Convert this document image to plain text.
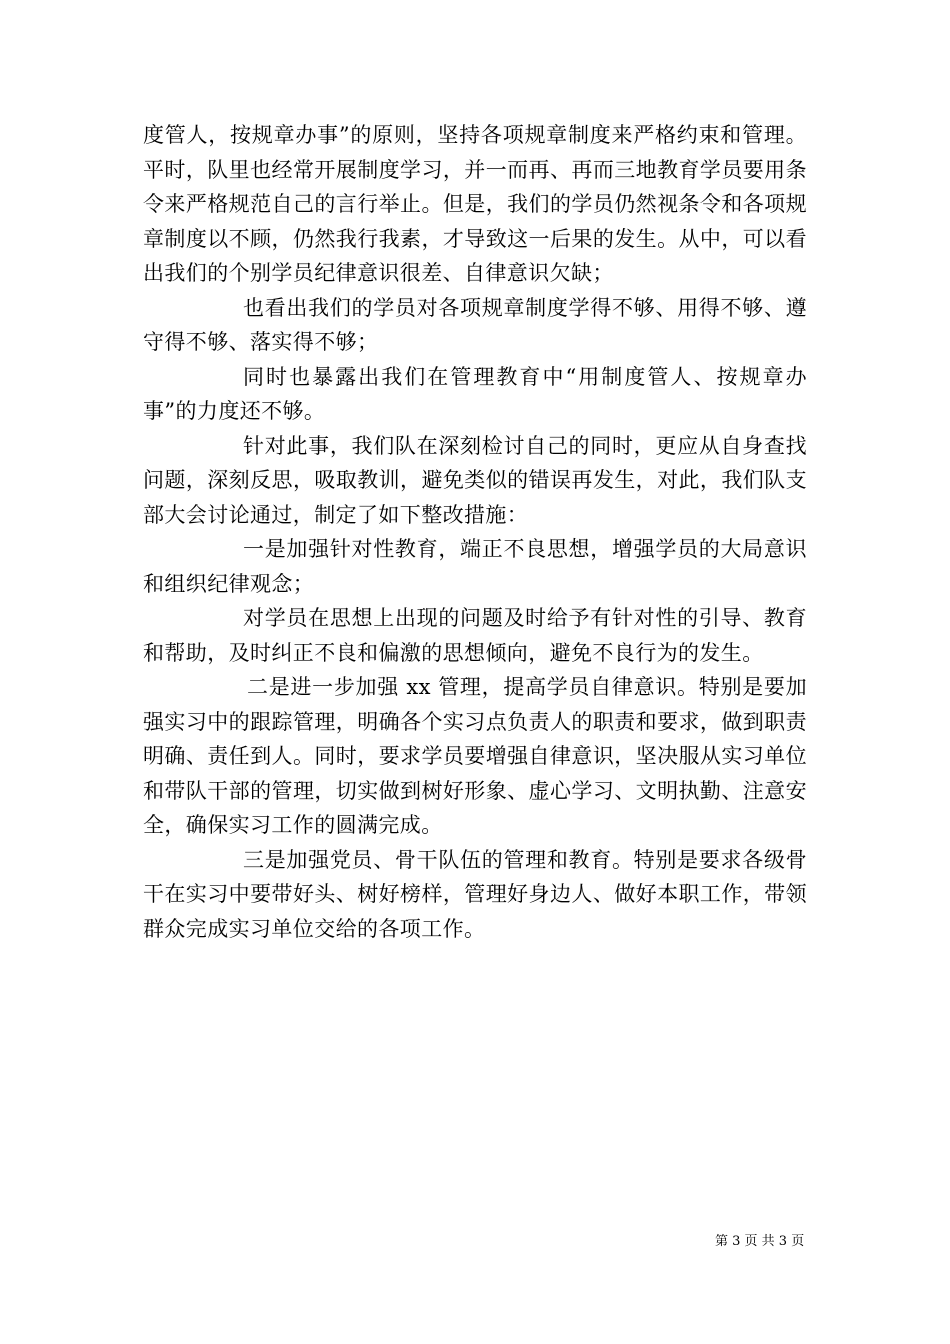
度管人，按规章办事”的原则，坚持各项规章制度来严格约束和管理。平时，队里也经常开展制度学习，并一而再、再而三地教育学员要用条令来严格规范自己的言行举止。但是，我们的学员仍然视条令和各项规章制度以不顾，仍然我行我素，才导致这一后果的发生。从中，可以看出我们的个别学员纪律意识很差、自律意识欠缺；

也看出我们的学员对各项规章制度学得不够、用得不够、遵守得不够、落实得不够；

同时也暴露出我们在管理教育中“用制度管人、按规章办事”的力度还不够。

针对此事，我们队在深刻检讨自己的同时，更应从自身查找问题，深刻反思，吸取教训，避免类似的错误再发生，对此，我们队支部大会讨论通过，制定了如下整改措施：

一是加强针对性教育，端正不良思想，增强学员的大局意识和组织纪律观念；

对学员在思想上出现的问题及时给予有针对性的引导、教育和帮助，及时纠正不良和偏激的思想倾向，避免不良行为的发生。

二是进一步加强 xx 管理，提高学员自律意识。特别是要加强实习中的跟踪管理，明确各个实习点负责人的职责和要求，做到职责明确、责任到人。同时，要求学员要增强自律意识，坚决服从实习单位和带队干部的管理，切实做到树好形象、虚心学习、文明执勤、注意安全，确保实习工作的圆满完成。

三是加强党员、骨干队伍的管理和教育。特别是要求各级骨干在实习中要带好头、树好榜样，管理好身边人、做好本职工作，带领群众完成实习单位交给的各项工作。

第 3 页 共 3 页
